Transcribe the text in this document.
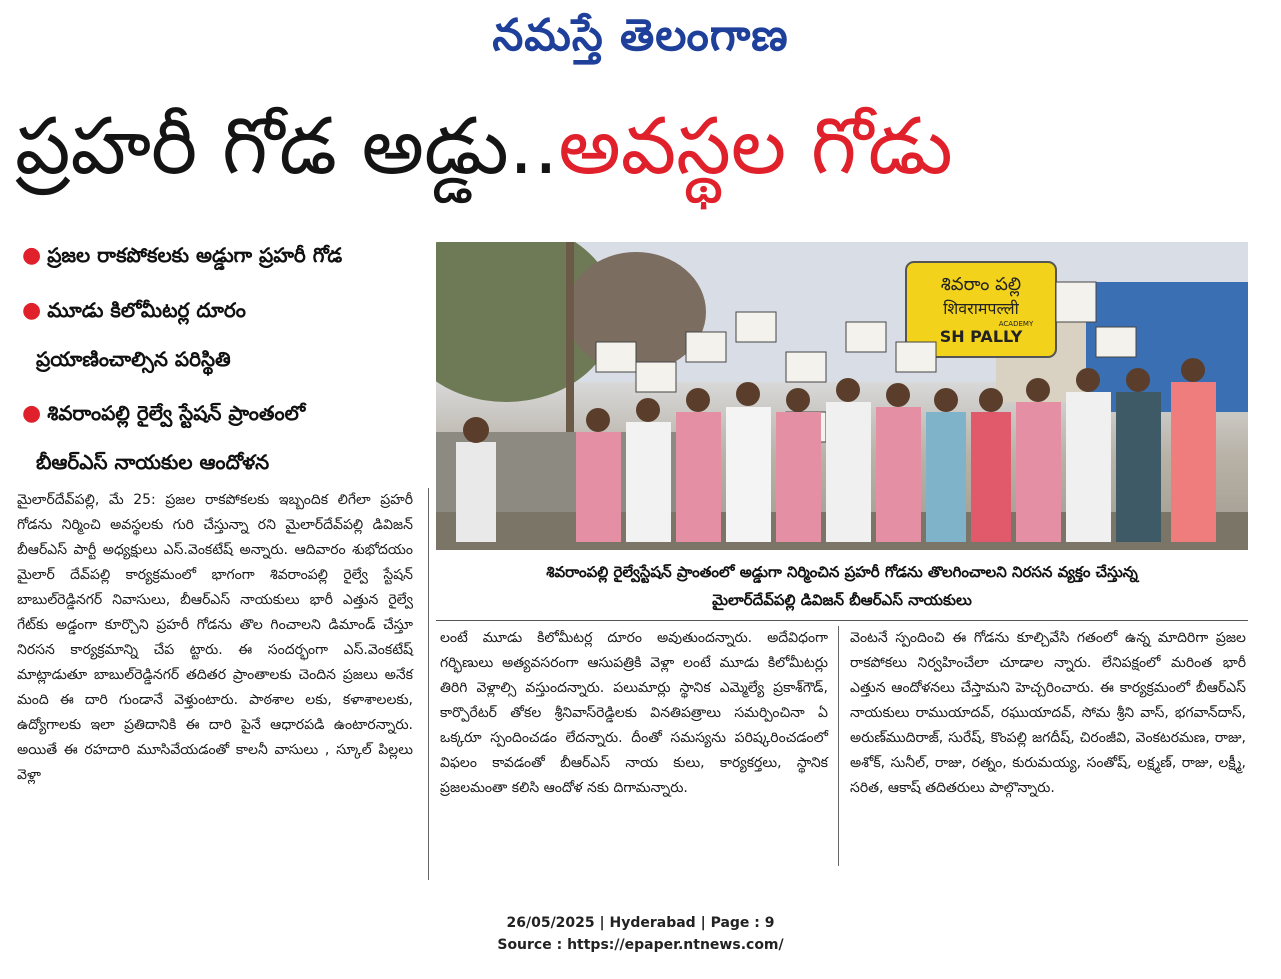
నమస్తే తెలంగాణ
ప్రహరీ గోడ అడ్డు..అవస్థల గోడు
● ప్రజల రాకపోకలకు అడ్డుగా ప్రహరీ గోడ
● మూడు కిలోమీటర్ల దూరం
ప్రయాణించాల్సిన పరిస్థితి
● శివరాంపల్లి రైల్వే స్టేషన్ ప్రాంతంలో
బీఆర్ఎస్ నాయకుల ఆందోళన
శివరాం పల్లి
शिवरामपल्ली
SH PALLY
ACADEMY
శివరాంపల్లి రైల్వేస్టేషన్ ప్రాంతంలో అడ్డుగా నిర్మించిన ప్రహరీ గోడను తొలగించాలని నిరసన వ్యక్తం చేస్తున్న
మైలార్‌దేవ్‌పల్లి డివిజన్ బీఆర్ఎస్ నాయకులు
మైలార్‌దేవ్‌పల్లి, మే 25: ప్రజల రాకపోకలకు ఇబ్బందిక లిగేలా ప్రహరీ గోడను నిర్మించి అవస్థలకు గురి చేస్తున్నా రని మైలార్‌దేవ్‌పల్లి డివిజన్ బీఆర్ఎస్ పార్టీ అధ్యక్షులు ఎస్.వెంకటేష్ అన్నారు. ఆదివారం శుభోదయం మైలార్ దేవ్‌పల్లి కార్యక్రమంలో భాగంగా శివరాంపల్లి రైల్వే స్టేషన్ బాబుల్‌రెడ్డినగర్ నివాసులు, బీఆర్ఎస్ నాయకులు భారీ ఎత్తున రైల్వే గేట్‌కు అడ్డంగా కూర్చొని ప్రహరీ గోడను తొల గించాలని డిమాండ్ చేస్తూ నిరసన కార్యక్రమాన్ని చేప ట్టారు. ఈ సందర్భంగా ఎస్.వెంకటేష్ మాట్లాడుతూ బాబుల్‌రెడ్డినగర్ తదితర ప్రాంతాలకు చెందిన ప్రజలు అనేక మంది ఈ దారి గుండానే వెళ్తుంటారు. పాఠశాల లకు, కళాశాలలకు, ఉద్యోగాలకు ఇలా ప్రతిదానికి ఈ దారి పైనే ఆధారపడి ఉంటారన్నారు. అయితే ఈ రహదారి మూసివేయడంతో కాలనీ వాసులు , స్కూల్ పిల్లలు వెళ్లా
లంటే మూడు కిలోమీటర్ల దూరం అవుతుందన్నారు. అదేవిధంగా గర్భిణులు అత్యవసరంగా ఆసుపత్రికి వెళ్లా లంటే మూడు కిలోమీటర్లు తిరిగి వెళ్లాల్సి వస్తుందన్నారు. పలుమార్లు స్థానిక ఎమ్మెల్యే ప్రకాశ్‌గౌడ్, కార్పొరేటర్ తోకల శ్రీనివాస్‌రెడ్డిలకు వినతిపత్రాలు సమర్పించినా ఏ ఒక్కరూ స్పందించడం లేదన్నారు. దీంతో సమస్యను పరిష్కరించడంలో విఫలం కావడంతో బీఆర్ఎస్ నాయ కులు, కార్యకర్తలు, స్థానిక ప్రజలమంతా కలిసి ఆందోళ నకు దిగామన్నారు.
వెంటనే స్పందించి ఈ గోడను కూల్చివేసి గతంలో ఉన్న మాదిరిగా ప్రజల రాకపోకలు నిర్వహించేలా చూడాల న్నారు. లేనిపక్షంలో మరింత భారీ ఎత్తున ఆందోళనలు చేస్తామని హెచ్చరించారు. ఈ కార్యక్రమంలో బీఆర్ఎస్ నాయకులు రాముయాదవ్, రఘుయాదవ్, సోమ శ్రీని వాస్, భగవాన్‌దాస్, అరుణ్‌ముదిరాజ్, సురేష్, కొంపల్లి జగదీష్, చిరంజీవి, వెంకటరమణ, రాజు, అశోక్, సునీల్, రాజు, రత్నం, కురుమయ్య, సంతోష్, లక్ష్మణ్, రాజు, లక్ష్మీ, సరిత, ఆకాష్ తదితరులు పాల్గొన్నారు.
26/05/2025 | Hyderabad | Page : 9
Source : https://epaper.ntnews.com/
